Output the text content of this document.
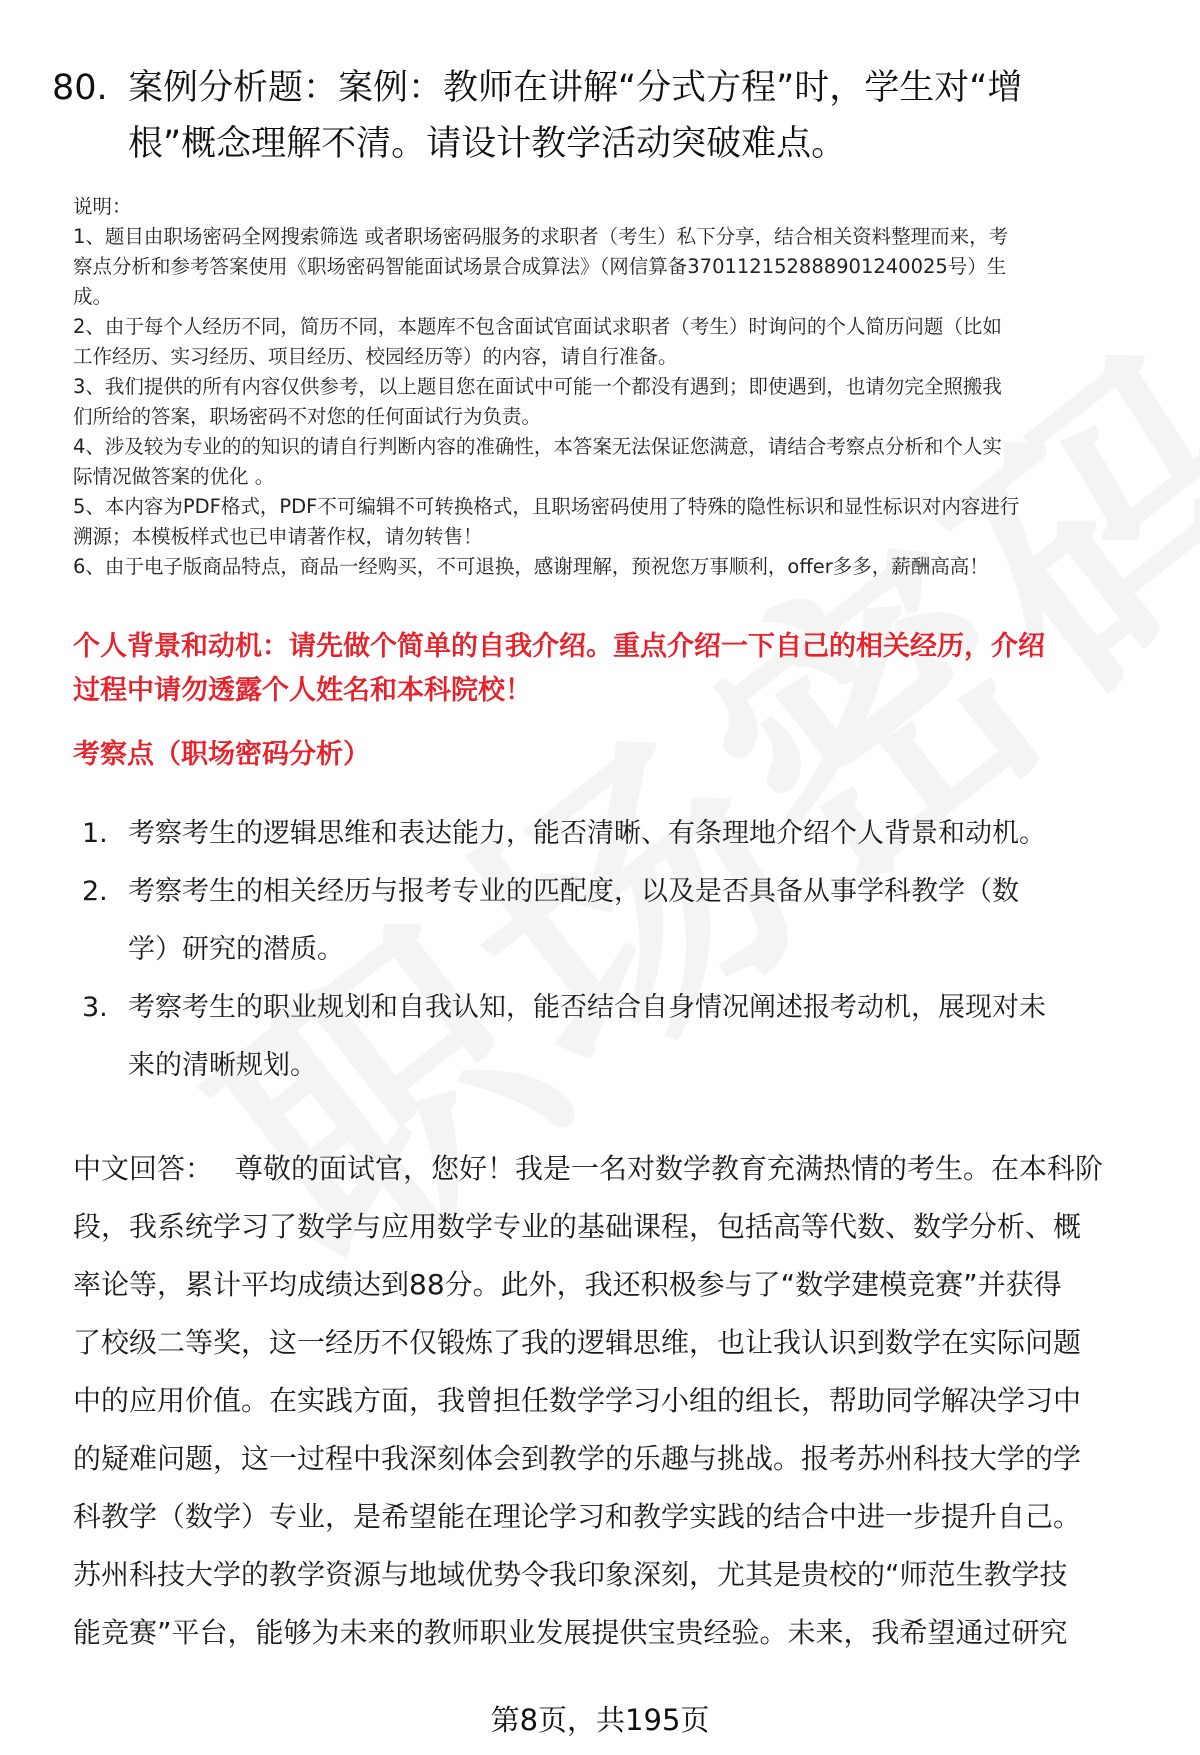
80. 案例分析题：案例：教师在讲解“分式方程”时，学生对“增
根”概念理解不清。请设计教学活动突破难点。

说明：

1、题目由职场密码全网搜索筛选 或者职场密码服务的求职者（考生）私下分享，结合相关资料整理而来，考

察点分析和参考答案使用《职场密码智能面试场景合成算法》（网信算备370112152888901240025号）生

成。

2、由于每个人经历不同，简历不同，本题库不包含面试官面试求职者（考生）时询问的个人简历问题（比如

工作经历、实习经历、项目经历、校园经历等）的内容，请自行准备。

3、我们提供的所有内容仅供参考，以上题目您在面试中可能一个都没有遇到；即使遇到，也请勿完全照搬我

们所给的答案，职场密码不对您的任何面试行为负责。

4、涉及较为专业的的知识的请自行判断内容的准确性，本答案无法保证您满意，请结合考察点分析和个人实

际情况做答案的优化 。

5、本内容为PDF格式，PDF不可编辑不可转换格式，且职场密码使用了特殊的隐性标识和显性标识对内容进行

溯源；本模板样式也已申请著作权，请勿转售！

6、由于电子版商品特点，商品一经购买，不可退换，感谢理解，预祝您万事顺利，offer多多，薪酬高高！

个人背景和动机：请先做个简单的自我介绍。重点介绍一下自己的相关经历，介绍
过程中请勿透露个人姓名和本科院校！
考察点（职场密码分析）
1. 考察考生的逻辑思维和表达能力，能否清晰、有条理地介绍个人背景和动机。
2. 考察考生的相关经历与报考专业的匹配度，以及是否具备从事学科教学（数
学）研究的潜质。
3. 考察考生的职业规划和自我认知，能否结合自身情况阐述报考动机，展现对未
来的清晰规划。
中文回答： 尊敬的面试官，您好！我是一名对数学教育充满热情的考生。在本科阶
段，我系统学习了数学与应用数学专业的基础课程，包括高等代数、数学分析、概
率论等，累计平均成绩达到88分。此外，我还积极参与了“数学建模竞赛”并获得
了校级二等奖，这一经历不仅锻炼了我的逻辑思维，也让我认识到数学在实际问题
中的应用价值。在实践方面，我曾担任数学学习小组的组长，帮助同学解决学习中
的疑难问题，这一过程中我深刻体会到教学的乐趣与挑战。报考苏州科技大学的学
科教学（数学）专业，是希望能在理论学习和教学实践的结合中进一步提升自己。
苏州科技大学的教学资源与地域优势令我印象深刻，尤其是贵校的“师范生教学技
能竞赛”平台，能够为未来的教师职业发展提供宝贵经验。未来，我希望通过研究
第8页，共195页
